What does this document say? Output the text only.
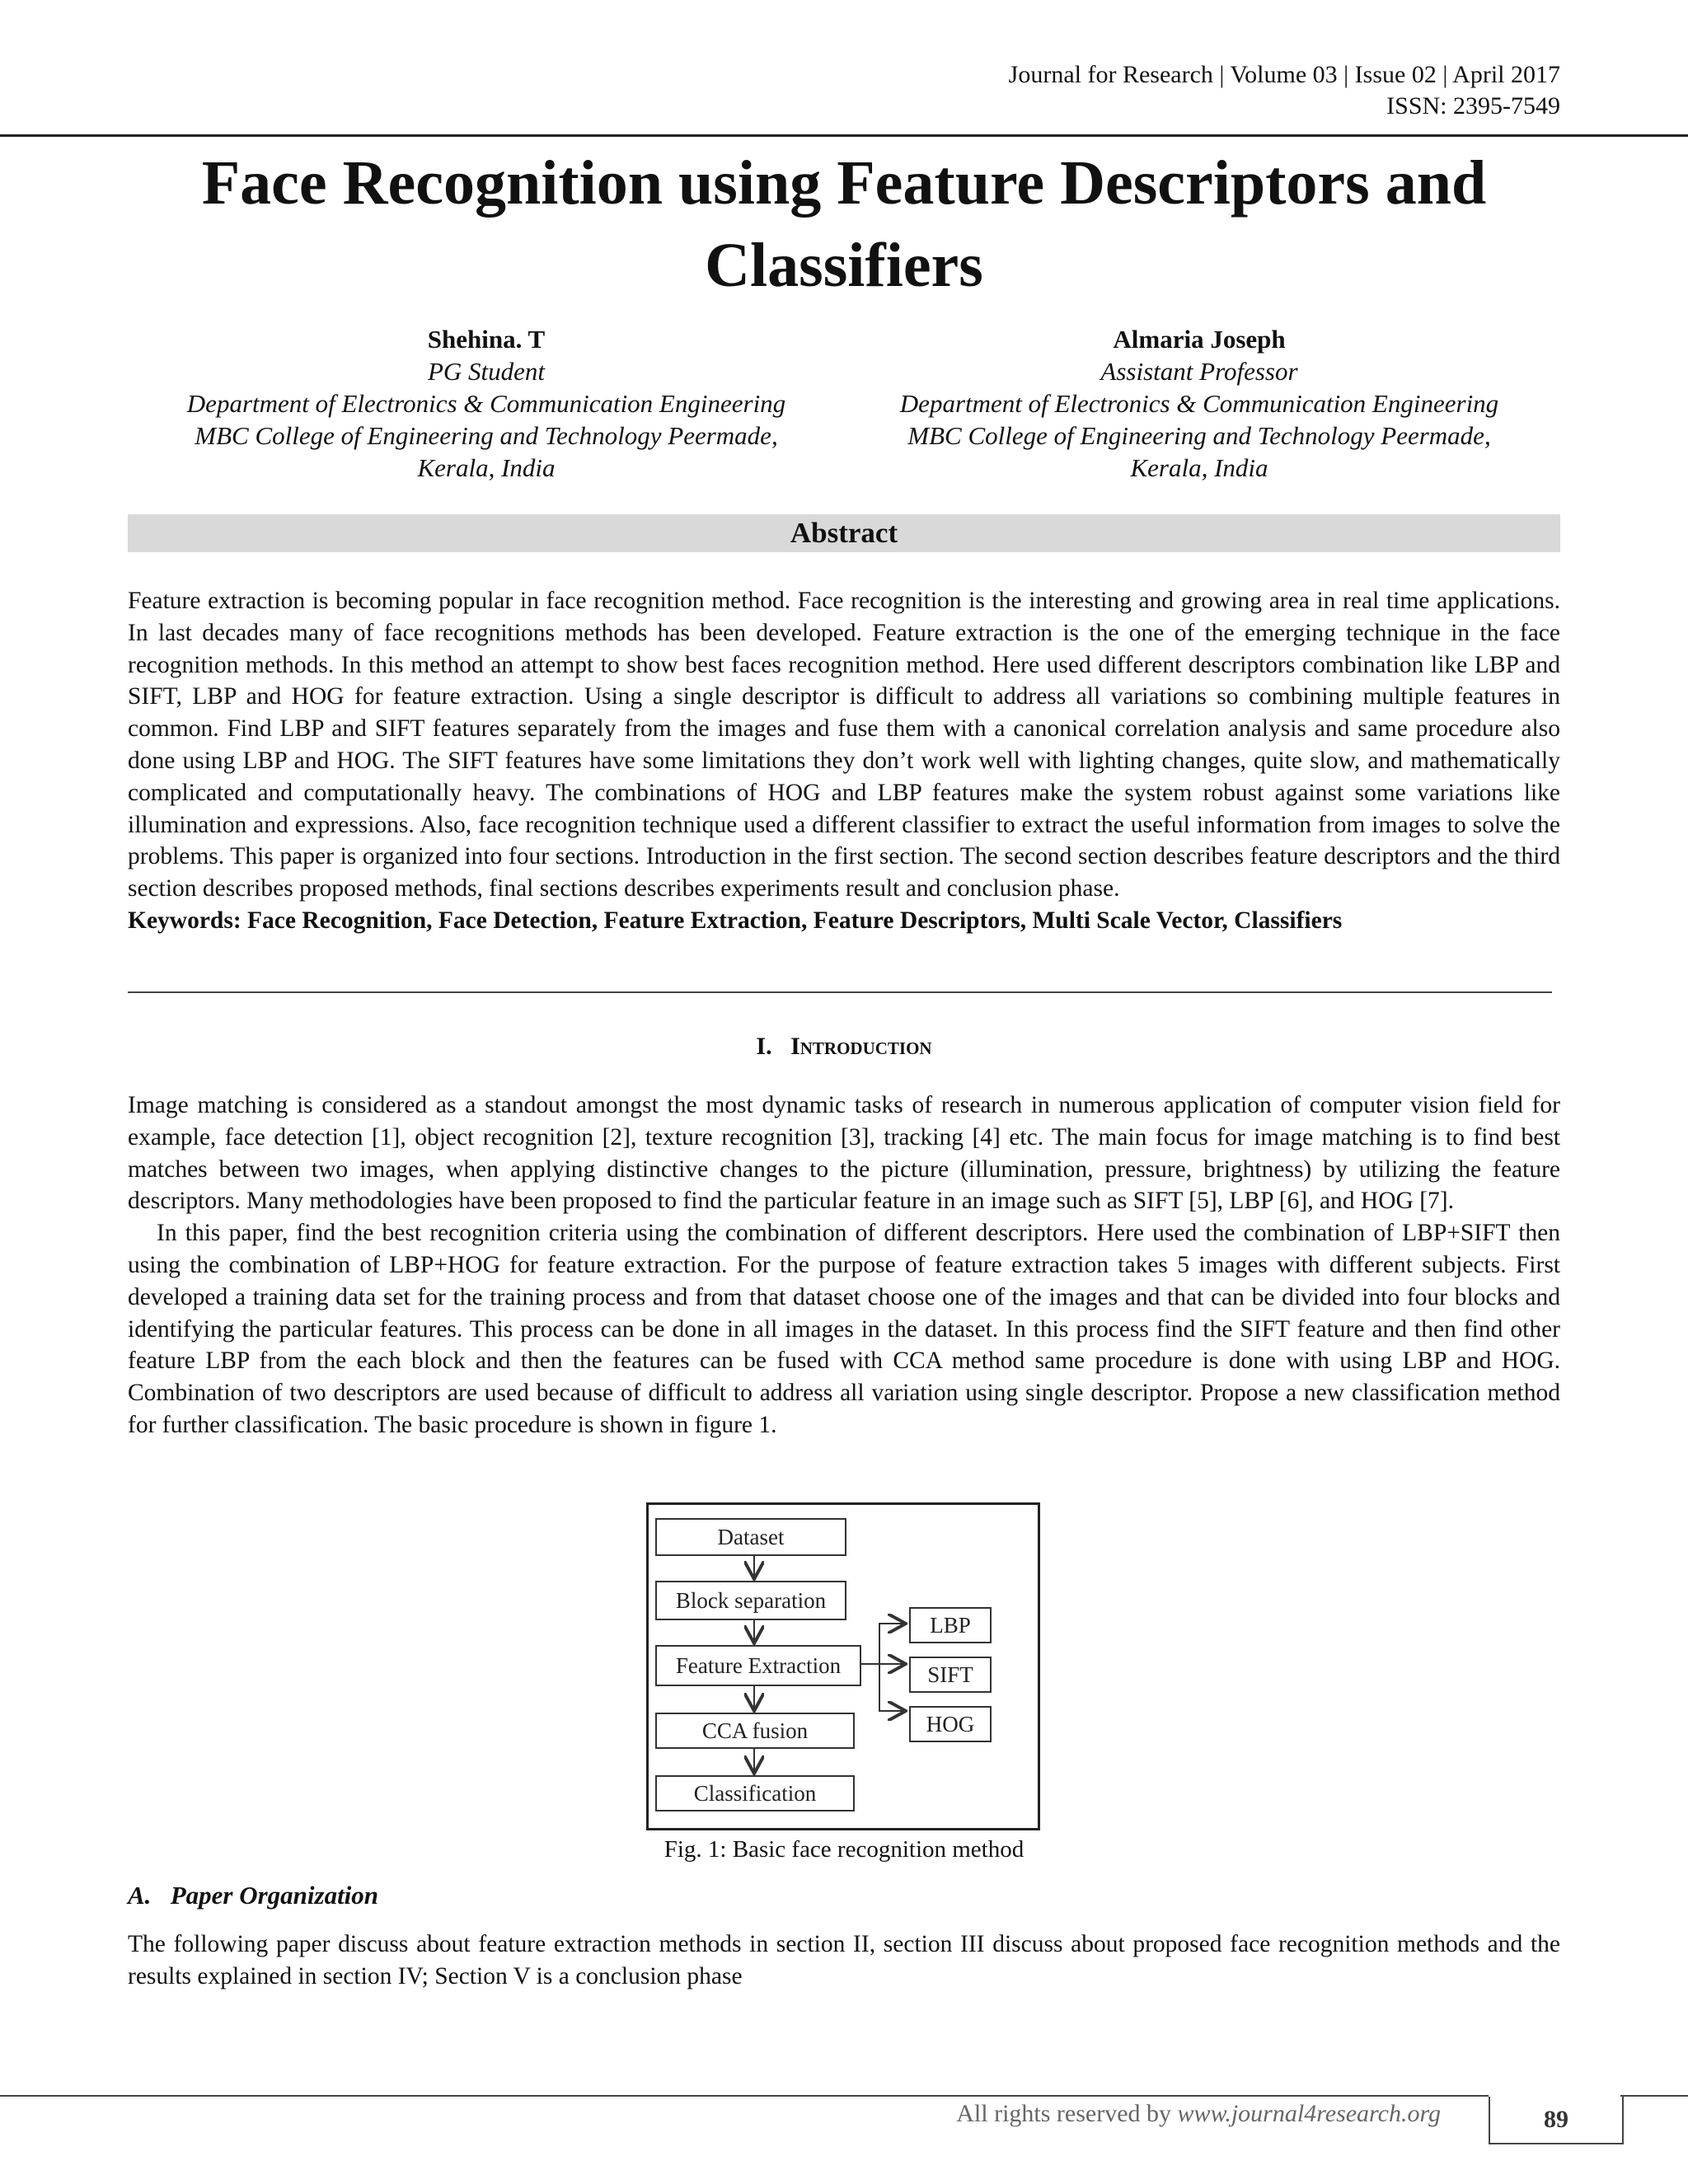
Journal for Research | Volume 03 | Issue 02 | April 2017
ISSN: 2395-7549
Face Recognition using Feature Descriptors and
Classifiers
Shehina. T
PG Student
Department of Electronics & Communication Engineering
MBC College of Engineering and Technology Peermade,
Kerala, India
Almaria Joseph
Assistant Professor
Department of Electronics & Communication Engineering
MBC College of Engineering and Technology Peermade,
Kerala, India
Abstract

Feature extraction is becoming popular in face recognition method. Face recognition is the interesting and growing area in real time applications. In last decades many of face recognitions methods has been developed. Feature extraction is the one of the emerging technique in the face recognition methods. In this method an attempt to show best faces recognition method. Here used different descriptors combination like LBP and SIFT, LBP and HOG for feature extraction. Using a single descriptor is difficult to address all variations so combining multiple features in common. Find LBP and SIFT features separately from the images and fuse them with a canonical correlation analysis and same procedure also done using LBP and HOG. The SIFT features have some limitations they don’t work well with lighting changes, quite slow, and mathematically complicated and computationally heavy. The combinations of HOG and LBP features make the system robust against some variations like illumination and expressions. Also, face recognition technique used a different classifier to extract the useful information from images to solve the problems. This paper is organized into four sections. Introduction in the first section. The second section describes feature descriptors and the third section describes proposed methods, final sections describes experiments result and conclusion phase.

Keywords: Face Recognition, Face Detection, Feature Extraction, Feature Descriptors, Multi Scale Vector, Classifiers

I. Introduction

Image matching is considered as a standout amongst the most dynamic tasks of research in numerous application of computer vision field for example, face detection [1], object recognition [2], texture recognition [3], tracking [4] etc. The main focus for image matching is to find best matches between two images, when applying distinctive changes to the picture (illumination, pressure, brightness) by utilizing the feature descriptors. Many methodologies have been proposed to find the particular feature in an image such as SIFT [5], LBP [6], and HOG [7].

In this paper, find the best recognition criteria using the combination of different descriptors. Here used the combination of LBP+SIFT then using the combination of LBP+HOG for feature extraction. For the purpose of feature extraction takes 5 images with different subjects. First developed a training data set for the training process and from that dataset choose one of the images and that can be divided into four blocks and identifying the particular features. This process can be done in all images in the dataset. In this process find the SIFT feature and then find other feature LBP from the each block and then the features can be fused with CCA method same procedure is done with using LBP and HOG. Combination of two descriptors are used because of difficult to address all variation using single descriptor. Propose a new classification method for further classification. The basic procedure is shown in figure 1.

Dataset
Block separation
Feature Extraction
CCA fusion
Classification
LBP
SIFT
HOG
Fig. 1: Basic face recognition method
A. Paper Organization

The following paper discuss about feature extraction methods in section II, section III discuss about proposed face recognition methods and the results explained in section IV; Section V is a conclusion phase

All rights reserved by www.journal4research.org	89
